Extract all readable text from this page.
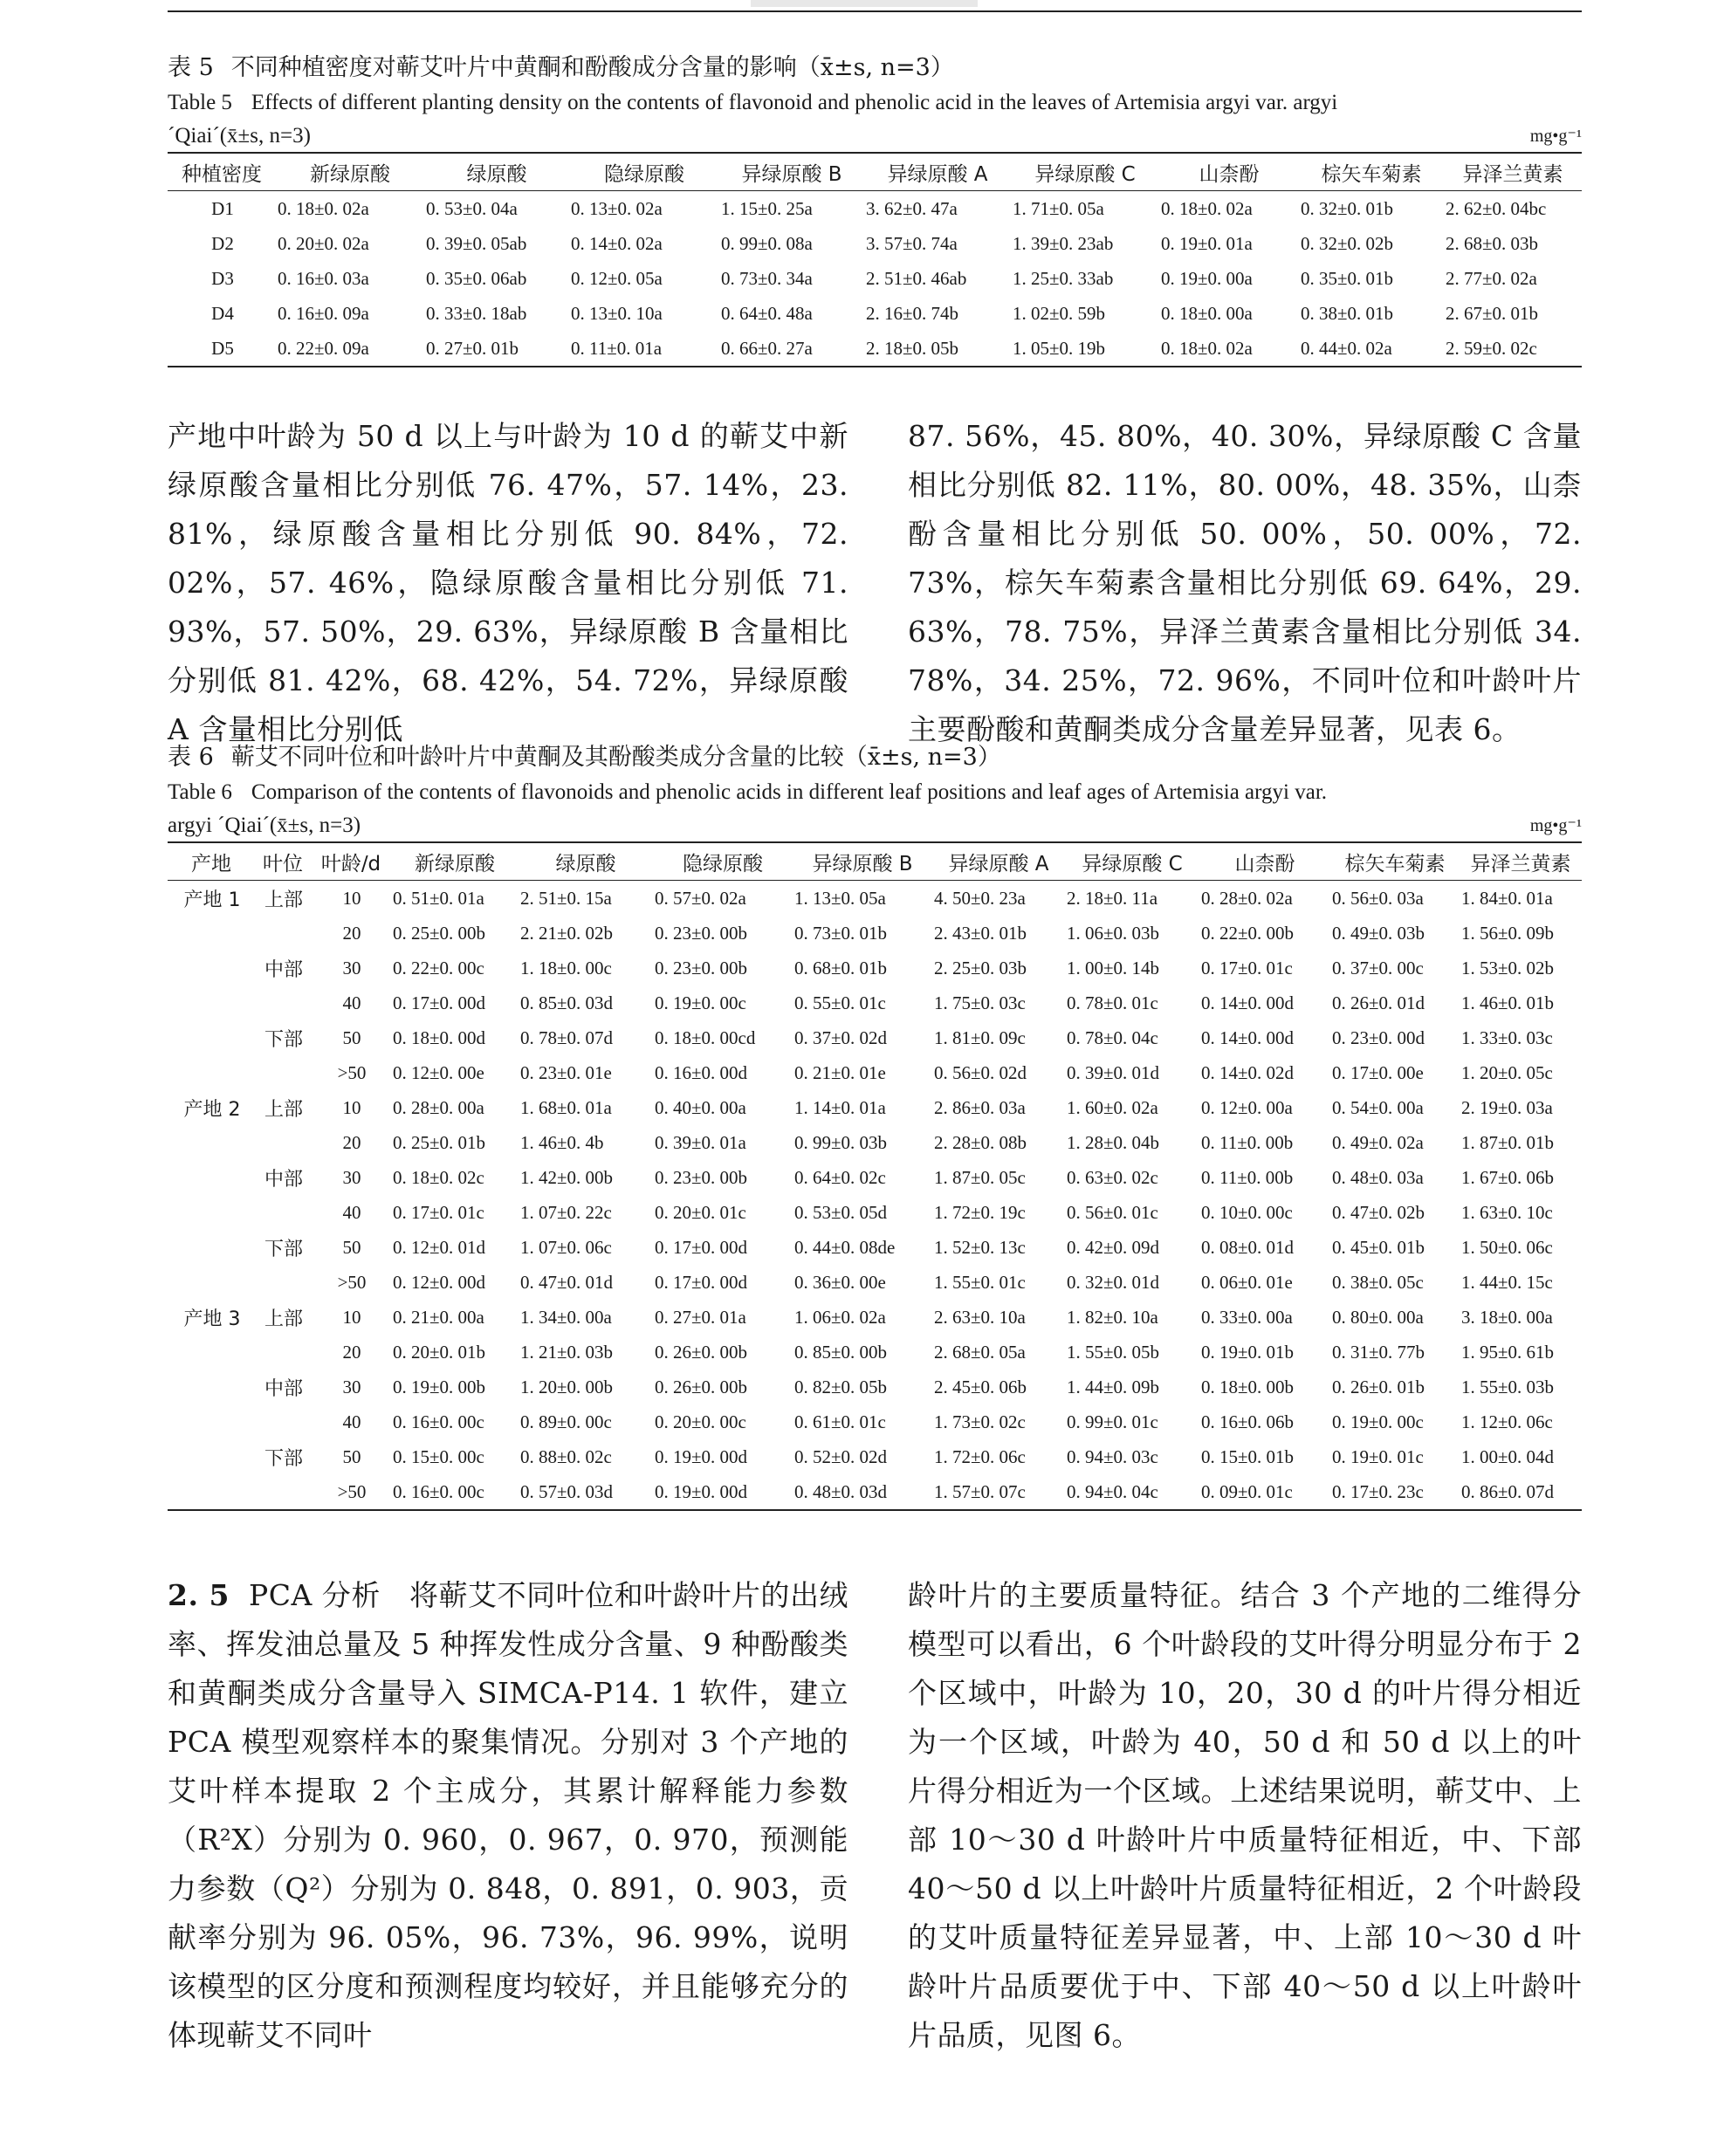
表 5 不同种植密度对蕲艾叶片中黄酮和酚酸成分含量的影响（x̄±s, n=3）
Table 5 Effects of different planting density on the contents of flavonoid and phenolic acid in the leaves of Artemisia argyi var. argyi
´Qiai´(x̄±s, n=3)	mg•g⁻¹
种植密度	新绿原酸	绿原酸	隐绿原酸	异绿原酸 B	异绿原酸 A	异绿原酸 C	山柰酚	棕矢车菊素	异泽兰黄素
D1	0. 18±0. 02a	0. 53±0. 04a	0. 13±0. 02a	1. 15±0. 25a	3. 62±0. 47a	1. 71±0. 05a	0. 18±0. 02a	0. 32±0. 01b	2. 62±0. 04bc
D2	0. 20±0. 02a	0. 39±0. 05ab	0. 14±0. 02a	0. 99±0. 08a	3. 57±0. 74a	1. 39±0. 23ab	0. 19±0. 01a	0. 32±0. 02b	2. 68±0. 03b
D3	0. 16±0. 03a	0. 35±0. 06ab	0. 12±0. 05a	0. 73±0. 34a	2. 51±0. 46ab	1. 25±0. 33ab	0. 19±0. 00a	0. 35±0. 01b	2. 77±0. 02a
D4	0. 16±0. 09a	0. 33±0. 18ab	0. 13±0. 10a	0. 64±0. 48a	2. 16±0. 74b	1. 02±0. 59b	0. 18±0. 00a	0. 38±0. 01b	2. 67±0. 01b
D5	0. 22±0. 09a	0. 27±0. 01b	0. 11±0. 01a	0. 66±0. 27a	2. 18±0. 05b	1. 05±0. 19b	0. 18±0. 02a	0. 44±0. 02a	2. 59±0. 02c
产地中叶龄为 50 d 以上与叶龄为 10 d 的蕲艾中新绿原酸含量相比分别低 76. 47%，57. 14%，23. 81%，绿原酸含量相比分别低 90. 84%，72. 02%，57. 46%，隐绿原酸含量相比分别低 71. 93%，57. 50%，29. 63%，异绿原酸 B 含量相比分别低 81. 42%，68. 42%，54. 72%，异绿原酸 A 含量相比分别低
87. 56%，45. 80%，40. 30%，异绿原酸 C 含量相比分别低 82. 11%，80. 00%，48. 35%，山柰酚含量相比分别低 50. 00%，50. 00%，72. 73%，棕矢车菊素含量相比分别低 69. 64%，29. 63%，78. 75%，异泽兰黄素含量相比分别低 34. 78%，34. 25%，72. 96%，不同叶位和叶龄叶片主要酚酸和黄酮类成分含量差异显著，见表 6。
表 6 蕲艾不同叶位和叶龄叶片中黄酮及其酚酸类成分含量的比较（x̄±s, n=3）
Table 6 Comparison of the contents of flavonoids and phenolic acids in different leaf positions and leaf ages of Artemisia argyi var.
argyi ´Qiai´(x̄±s, n=3)	mg•g⁻¹
产地	叶位	叶龄/d	新绿原酸	绿原酸	隐绿原酸	异绿原酸 B	异绿原酸 A	异绿原酸 C	山柰酚	棕矢车菊素	异泽兰黄素
产地 1	上部	10	0. 51±0. 01a	2. 51±0. 15a	0. 57±0. 02a	1. 13±0. 05a	4. 50±0. 23a	2. 18±0. 11a	0. 28±0. 02a	0. 56±0. 03a	1. 84±0. 01a
		20	0. 25±0. 00b	2. 21±0. 02b	0. 23±0. 00b	0. 73±0. 01b	2. 43±0. 01b	1. 06±0. 03b	0. 22±0. 00b	0. 49±0. 03b	1. 56±0. 09b
	中部	30	0. 22±0. 00c	1. 18±0. 00c	0. 23±0. 00b	0. 68±0. 01b	2. 25±0. 03b	1. 00±0. 14b	0. 17±0. 01c	0. 37±0. 00c	1. 53±0. 02b
		40	0. 17±0. 00d	0. 85±0. 03d	0. 19±0. 00c	0. 55±0. 01c	1. 75±0. 03c	0. 78±0. 01c	0. 14±0. 00d	0. 26±0. 01d	1. 46±0. 01b
	下部	50	0. 18±0. 00d	0. 78±0. 07d	0. 18±0. 00cd	0. 37±0. 02d	1. 81±0. 09c	0. 78±0. 04c	0. 14±0. 00d	0. 23±0. 00d	1. 33±0. 03c
		>50	0. 12±0. 00e	0. 23±0. 01e	0. 16±0. 00d	0. 21±0. 01e	0. 56±0. 02d	0. 39±0. 01d	0. 14±0. 02d	0. 17±0. 00e	1. 20±0. 05c
产地 2	上部	10	0. 28±0. 00a	1. 68±0. 01a	0. 40±0. 00a	1. 14±0. 01a	2. 86±0. 03a	1. 60±0. 02a	0. 12±0. 00a	0. 54±0. 00a	2. 19±0. 03a
		20	0. 25±0. 01b	1. 46±0. 4b	0. 39±0. 01a	0. 99±0. 03b	2. 28±0. 08b	1. 28±0. 04b	0. 11±0. 00b	0. 49±0. 02a	1. 87±0. 01b
	中部	30	0. 18±0. 02c	1. 42±0. 00b	0. 23±0. 00b	0. 64±0. 02c	1. 87±0. 05c	0. 63±0. 02c	0. 11±0. 00b	0. 48±0. 03a	1. 67±0. 06b
		40	0. 17±0. 01c	1. 07±0. 22c	0. 20±0. 01c	0. 53±0. 05d	1. 72±0. 19c	0. 56±0. 01c	0. 10±0. 00c	0. 47±0. 02b	1. 63±0. 10c
	下部	50	0. 12±0. 01d	1. 07±0. 06c	0. 17±0. 00d	0. 44±0. 08de	1. 52±0. 13c	0. 42±0. 09d	0. 08±0. 01d	0. 45±0. 01b	1. 50±0. 06c
		>50	0. 12±0. 00d	0. 47±0. 01d	0. 17±0. 00d	0. 36±0. 00e	1. 55±0. 01c	0. 32±0. 01d	0. 06±0. 01e	0. 38±0. 05c	1. 44±0. 15c
产地 3	上部	10	0. 21±0. 00a	1. 34±0. 00a	0. 27±0. 01a	1. 06±0. 02a	2. 63±0. 10a	1. 82±0. 10a	0. 33±0. 00a	0. 80±0. 00a	3. 18±0. 00a
		20	0. 20±0. 01b	1. 21±0. 03b	0. 26±0. 00b	0. 85±0. 00b	2. 68±0. 05a	1. 55±0. 05b	0. 19±0. 01b	0. 31±0. 77b	1. 95±0. 61b
	中部	30	0. 19±0. 00b	1. 20±0. 00b	0. 26±0. 00b	0. 82±0. 05b	2. 45±0. 06b	1. 44±0. 09b	0. 18±0. 00b	0. 26±0. 01b	1. 55±0. 03b
		40	0. 16±0. 00c	0. 89±0. 00c	0. 20±0. 00c	0. 61±0. 01c	1. 73±0. 02c	0. 99±0. 01c	0. 16±0. 06b	0. 19±0. 00c	1. 12±0. 06c
	下部	50	0. 15±0. 00c	0. 88±0. 02c	0. 19±0. 00d	0. 52±0. 02d	1. 72±0. 06c	0. 94±0. 03c	0. 15±0. 01b	0. 19±0. 01c	1. 00±0. 04d
		>50	0. 16±0. 00c	0. 57±0. 03d	0. 19±0. 00d	0. 48±0. 03d	1. 57±0. 07c	0. 94±0. 04c	0. 09±0. 01c	0. 17±0. 23c	0. 86±0. 07d
2. 5 PCA 分析 将蕲艾不同叶位和叶龄叶片的出绒率、挥发油总量及 5 种挥发性成分含量、9 种酚酸类和黄酮类成分含量导入 SIMCA-P14. 1 软件，建立 PCA 模型观察样本的聚集情况。分别对 3 个产地的艾叶样本提取 2 个主成分，其累计解释能力参数（R²X）分别为 0. 960，0. 967，0. 970，预测能力参数（Q²）分别为 0. 848，0. 891，0. 903，贡献率分别为 96. 05%，96. 73%，96. 99%，说明该模型的区分度和预测程度均较好，并且能够充分的体现蕲艾不同叶
龄叶片的主要质量特征。结合 3 个产地的二维得分模型可以看出，6 个叶龄段的艾叶得分明显分布于 2 个区域中，叶龄为 10，20，30 d 的叶片得分相近为一个区域，叶龄为 40，50 d 和 50 d 以上的叶片得分相近为一个区域。上述结果说明，蕲艾中、上部 10～30 d 叶龄叶片中质量特征相近，中、下部 40～50 d 以上叶龄叶片质量特征相近，2 个叶龄段的艾叶质量特征差异显著，中、上部 10～30 d 叶龄叶片品质要优于中、下部 40～50 d 以上叶龄叶片品质，见图 6。
